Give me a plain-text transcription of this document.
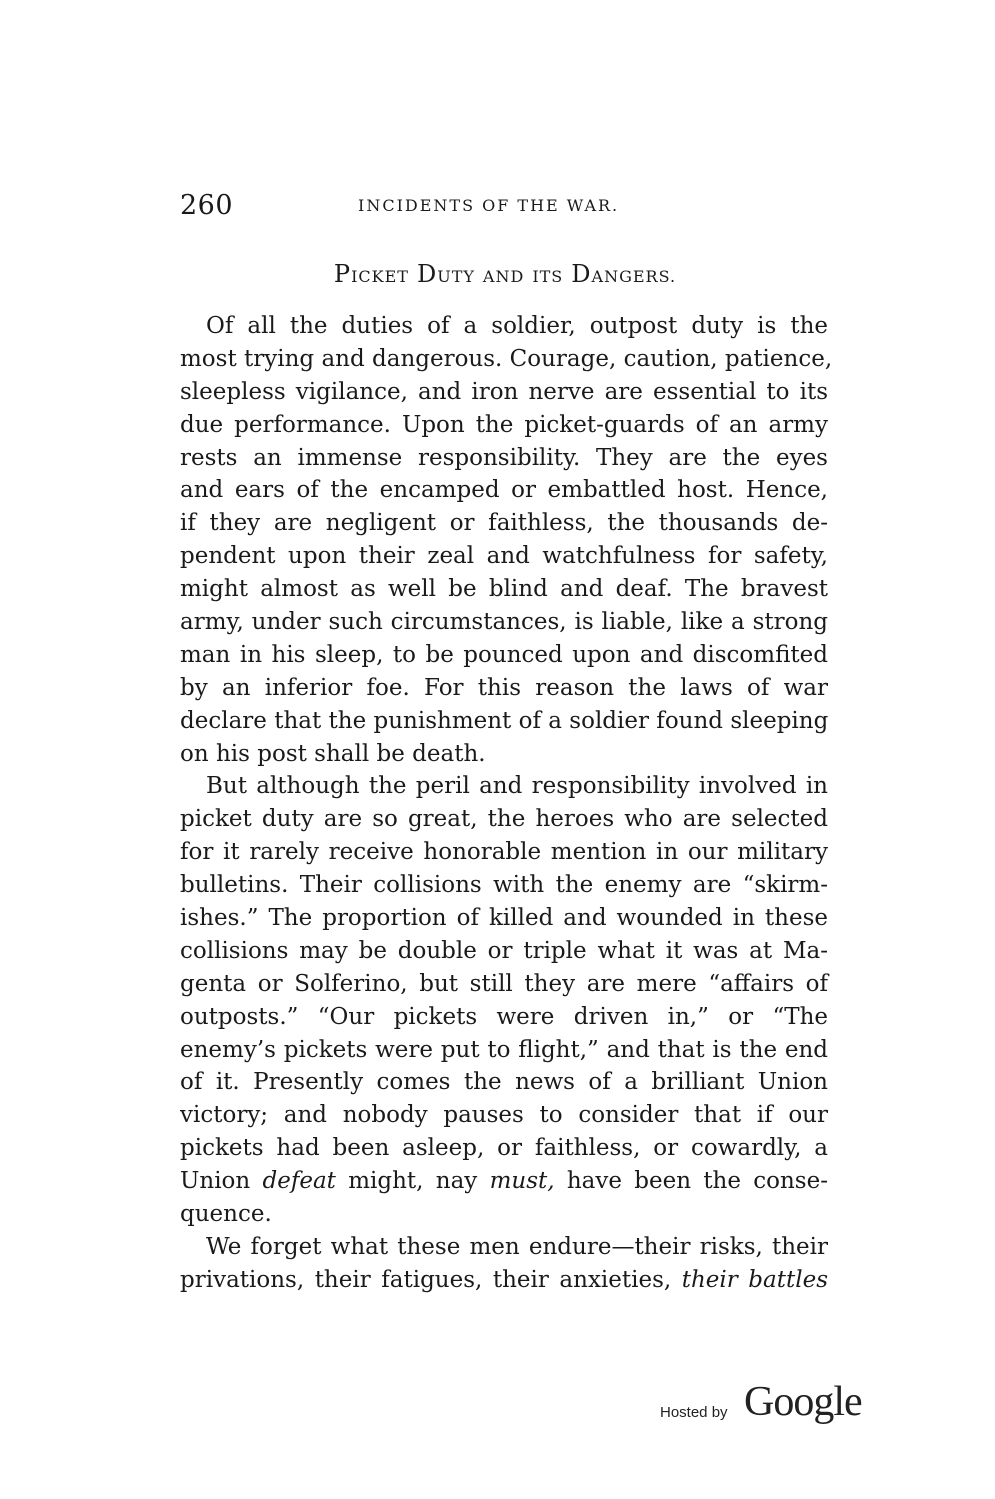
260	INCIDENTS OF THE WAR.
PICKET DUTY AND ITS DANGERS.
Of all the duties of a soldier, outpost duty is the
most trying and dangerous. Courage, caution, patience,
sleepless vigilance, and iron nerve are essential to its
due performance. Upon the picket-guards of an army
rests an immense responsibility. They are the eyes
and ears of the encamped or embattled host. Hence,
if they are negligent or faithless, the thousands de-
pendent upon their zeal and watchfulness for safety,
might almost as well be blind and deaf. The bravest
army, under such circumstances, is liable, like a strong
man in his sleep, to be pounced upon and discomfited
by an inferior foe. For this reason the laws of war
declare that the punishment of a soldier found sleeping
on his post shall be death.
But although the peril and responsibility involved in
picket duty are so great, the heroes who are selected
for it rarely receive honorable mention in our military
bulletins. Their collisions with the enemy are “skirm-
ishes.” The proportion of killed and wounded in these
collisions may be double or triple what it was at Ma-
genta or Solferino, but still they are mere “affairs of
outposts.” “Our pickets were driven in,” or “The
enemy’s pickets were put to flight,” and that is the end
of it. Presently comes the news of a brilliant Union
victory; and nobody pauses to consider that if our
pickets had been asleep, or faithless, or cowardly, a
Union defeat might, nay must, have been the conse-
quence.
We forget what these men endure—their risks, their
privations, their fatigues, their anxieties, their battles
Hosted by Google
